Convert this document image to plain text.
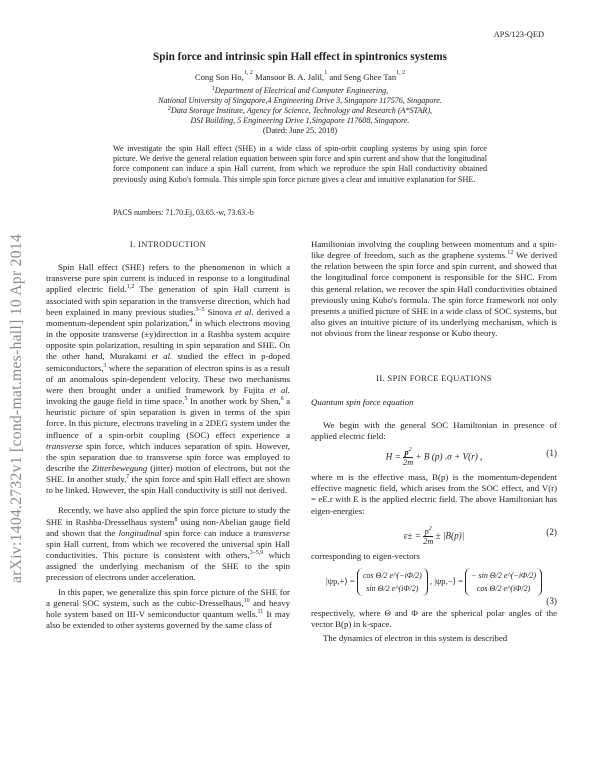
APS/123-QED
arXiv:1404.2732v1 [cond-mat.mes-hall] 10 Apr 2014
Spin force and intrinsic spin Hall effect in spintronics systems
Cong Son Ho,$^{1, 2}$ Mansoor B. A. Jalil,$^1$ and Seng Ghee Tan$^{1, 2}$
$^1$Department of Electrical and Computer Engineering,
National University of Singapore,4 Engineering Drive 3, Singapore 117576, Singapore.
$^2$Data Storage Institute, Agency for Science, Technology and Research (A*STAR),
DSI Building, 5 Engineering Drive 1,Singapore 117608, Singapore.
(Dated: June 25, 2018)
We investigate the spin Hall effect (SHE) in a wide class of spin-orbit coupling systems by using spin force picture. We derive the general relation equation between spin force and spin current and show that the longitudinal force component can induce a spin Hall current, from which we reproduce the spin Hall conductivity obtained previously using Kubo's formula. This simple spin force picture gives a clear and intuitive explanation for SHE.
PACS numbers: 71.70.Ej, 03.65.-w, 73.63.-b
I. INTRODUCTION

Spin Hall effect (SHE) refers to the phenomenon in which a transverse pure spin current is induced in response to a longitudinal applied electric field.$^{1,2}$ The generation of spin Hall current is associated with spin separation in the transverse direction, which had been explained in many previous studies.$^{3-5}$ Sinova et al. derived a momentum-dependent spin polarization,$^4$ in which electrons moving in the opposite transverse (±y)direction in a Rashba system acquire opposite spin polarization, resulting in spin separation and SHE. On the other hand, Murakami et al. studied the effect in p-doped semiconductors,$^3$ where the separation of electron spins is as a result of an anomalous spin-dependent velocity. These two mechanisms were then brought under a unified framework by Fujita et al. invoking the gauge field in time space.$^5$ In another work by Shen,$^6$ a heuristic picture of spin separation is given in terms of the spin force. In this picture, electrons traveling in a 2DEG system under the influence of a spin-orbit coupling (SOC) effect experience a transverse spin force, which induces separation of spin. However, the spin separation due to transverse spin force was employed to describe the Zitterbewegung (jitter) motion of electrons, but not the SHE. In another study,$^7$ the spin force and spin Hall effect are shown to be linked. However, the spin Hall conductivity is still not derived.

Recently, we have also applied the spin force picture to study the SHE in Rashba-Dresselhaus system$^8$ using non-Abelian gauge field and shown that the longitudinal spin force can induce a transverse spin Hall current, from which we recovered the universal spin Hall conductivities. This picture is consistent with others,$^{3-5,9}$ which assigned the underlying mechanism of the SHE to the spin precession of electrons under acceleration.

In this paper, we generalize this spin force picture of the SHE for a general SOC system, such as the cubic-Dresselhaus,$^{10}$ and heavy hole system based on III-V semiconductor quantum wells.$^{11}$ It may also be extended to other systems governed by the same class of

Hamiltonian involving the coupling between momentum and a spin-like degree of freedom, such as the graphene systems.$^{12}$ We derived the relation between the spin force and spin current, and showed that the longitudinal force component is responsible for the SHC. From this general relation, we recover the spin Hall conductivities obtained previously using Kubo's formula. The spin force framework not only presents a unified picture of SHE in a wide class of SOC systems, but also gives an intuitive picture of its underlying mechanism, which is not obvious from the linear response or Kubo theory.

II. SPIN FORCE EQUATIONS
Quantum spin force equation

We begin with the general SOC Hamiltonian in presence of applied electric field:

$H = \frac{p^2}{2m} + B$ (p) .σ + V(r) ,	(1)

where m is the effective mass, B(p) is the momentum-dependent effective magnetic field, which arises from the SOC effect, and V(r) = eE.r with E is the applied electric field. The above Hamiltonian has eigen-energies:

$\varepsilon\pm = \frac{p^2}{2m} \pm |B(p)|$	(2)

corresponding to eigen-vectors

|ψp,+⟩ = cos Θ/2 e^(−iΦ/2)
sin Θ/2 e^(iΦ/2) , |ψp,−⟩ = − sin Θ/2 e^(−iΦ/2)
cos Θ/2 e^(iΦ/2)
(3)

respectively, where Θ and Φ are the spherical polar angles of the vector B(p) in k-space.

The dynamics of electron in this system is described
